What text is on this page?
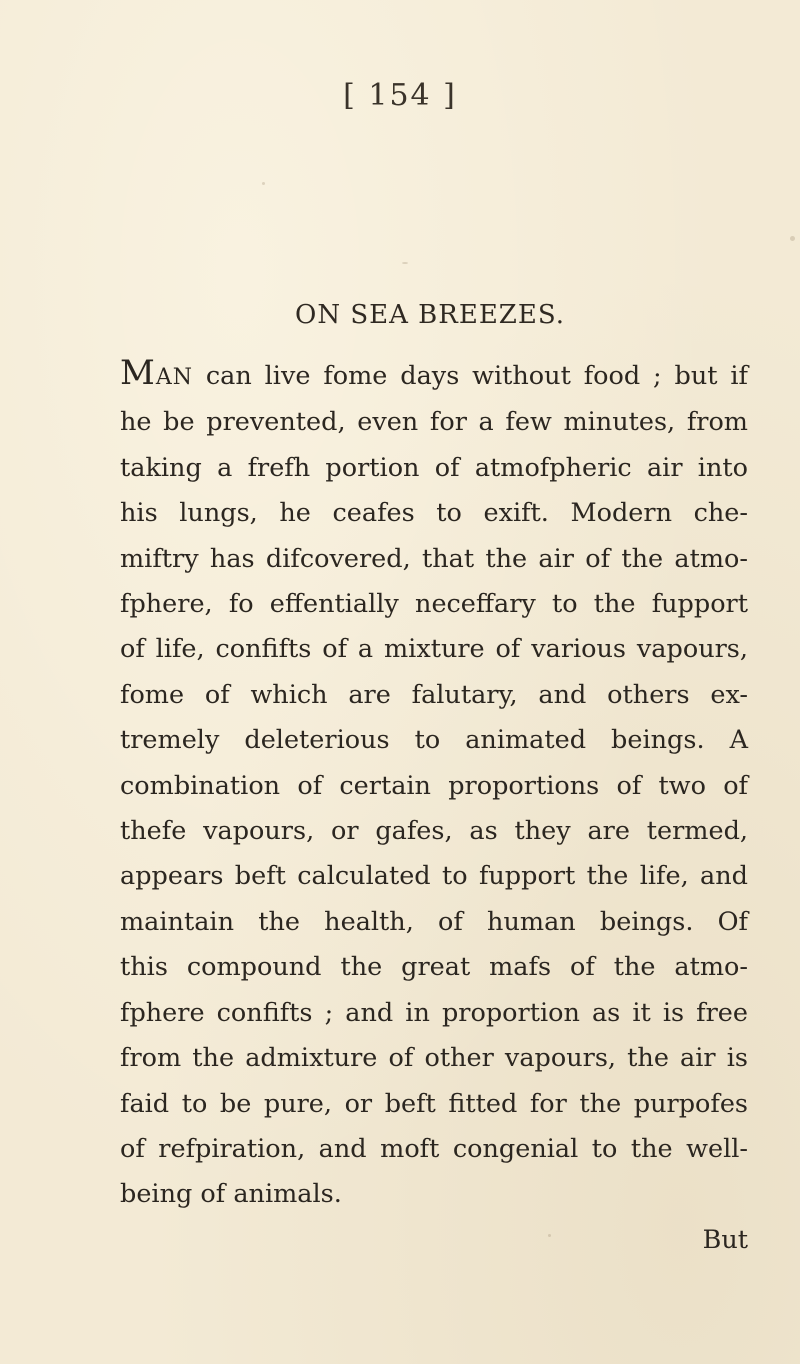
[ 154 ]
ON SEA BREEZES.
MAN can live fome days without food ; but if
he be prevented, even for a few minutes, from
taking a frefh portion of atmofpheric air into
his lungs, he ceafes to exift. Modern che-
miftry has difcovered, that the air of the atmo-
fphere, fo effentially neceffary to the fupport
of life, confifts of a mixture of various vapours,
fome of which are falutary, and others ex-
tremely deleterious to animated beings. A
combination of certain proportions of two of
thefe vapours, or gafes, as they are termed,
appears beft calculated to fupport the life, and
maintain the health, of human beings. Of
this compound the great mafs of the atmo-
fphere confifts ; and in proportion as it is free
from the admixture of other vapours, the air is
faid to be pure, or beft fitted for the purpofes
of refpiration, and moft congenial to the well-
being of animals.
But
